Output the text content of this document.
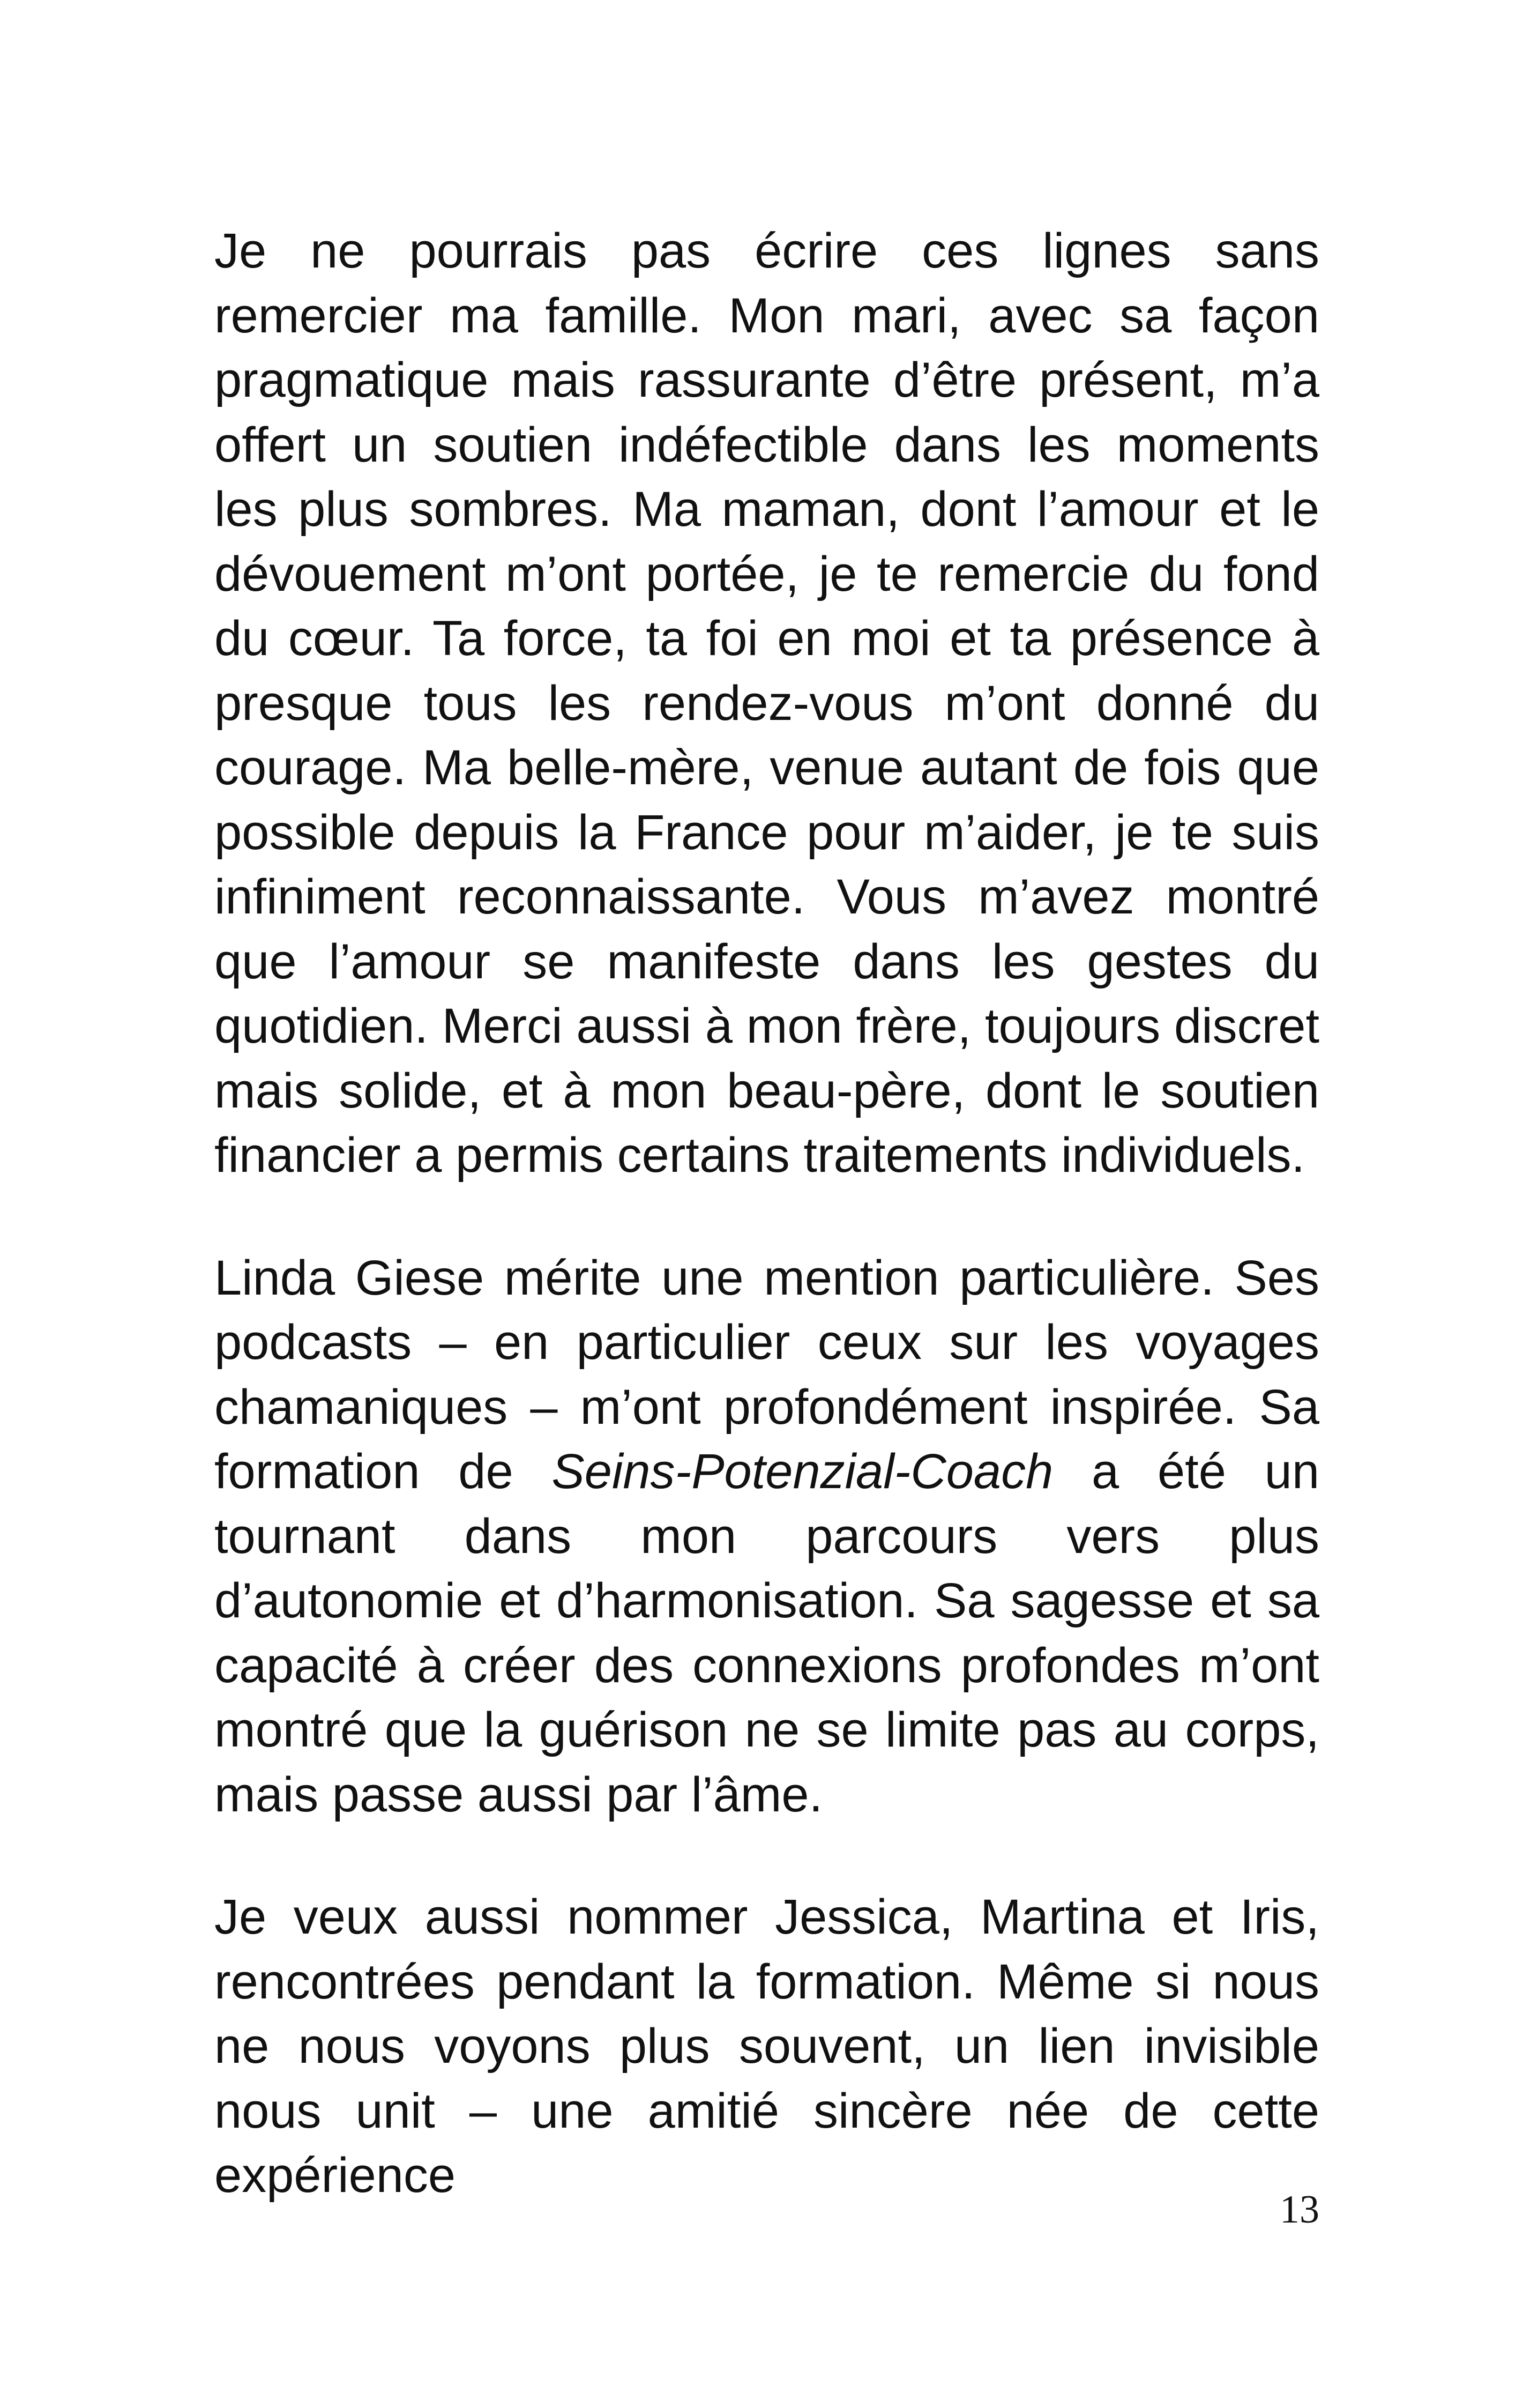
Je ne pourrais pas écrire ces lignes sans remercier ma famille. Mon mari, avec sa façon pragmatique mais rassurante d’être présent, m’a offert un soutien indéfectible dans les moments les plus sombres. Ma maman, dont l’amour et le dévouement m’ont portée, je te remercie du fond du cœur. Ta force, ta foi en moi et ta présence à presque tous les rendez-vous m’ont donné du courage. Ma belle-mère, venue autant de fois que possible depuis la France pour m’aider, je te suis infiniment reconnaissante. Vous m’avez montré que l’amour se manifeste dans les gestes du quotidien. Merci aussi à mon frère, toujours discret mais solide, et à mon beau-père, dont le soutien financier a permis certains traitements individuels.

Linda Giese mérite une mention particulière. Ses podcasts – en particulier ceux sur les voyages chamaniques – m’ont profondément inspirée. Sa formation de Seins-Potenzial-Coach a été un tournant dans mon parcours vers plus d’autonomie et d’harmonisation. Sa sagesse et sa capacité à créer des connexions profondes m’ont montré que la guérison ne se limite pas au corps, mais passe aussi par l’âme.

Je veux aussi nommer Jessica, Martina et Iris, rencontrées pendant la formation. Même si nous ne nous voyons plus souvent, un lien invisible nous unit – une amitié sincère née de cette expérience

13
